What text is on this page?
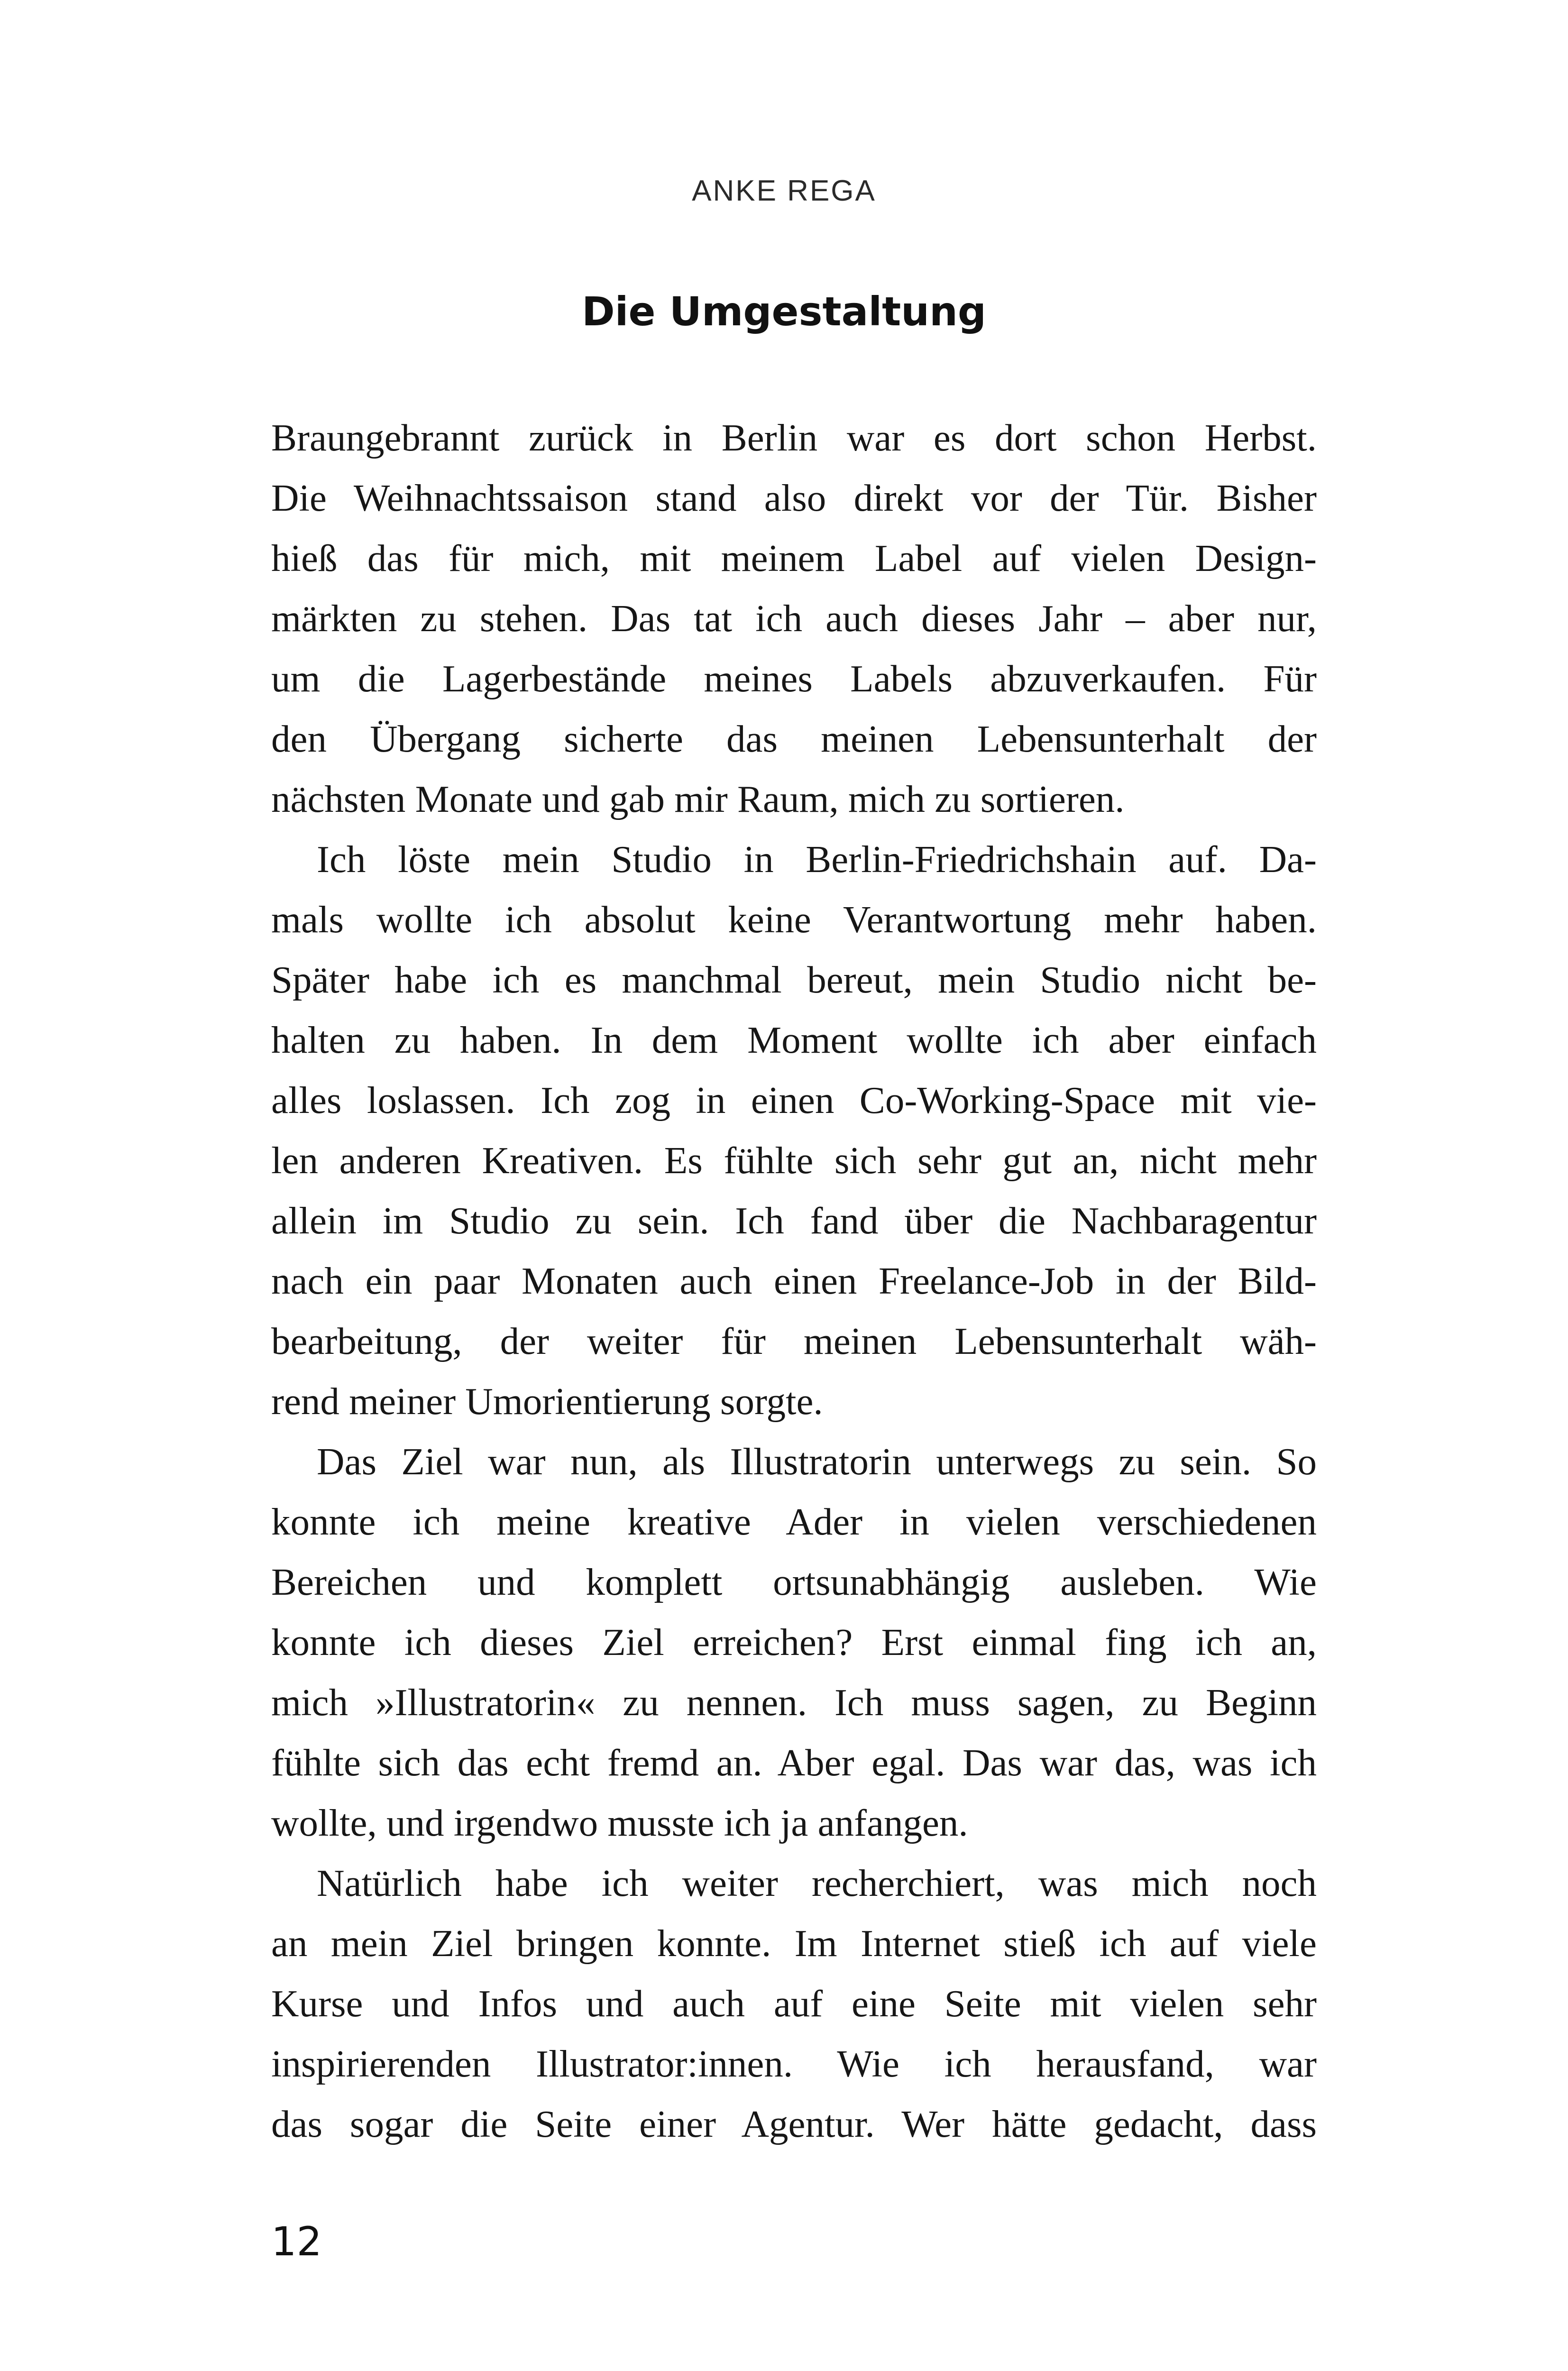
ANKE REGA
Die Umgestaltung
Braungebrannt zurück in Berlin war es dort schon Herbst.
Die Weihnachtssaison stand also direkt vor der Tür. Bisher
hieß das für mich, mit meinem Label auf vielen Design-
märkten zu stehen. Das tat ich auch dieses Jahr – aber nur,
um die Lagerbestände meines Labels abzuverkaufen. Für
den Übergang sicherte das meinen Lebensunterhalt der
nächsten Monate und gab mir Raum, mich zu sortieren.
Ich löste mein Studio in Berlin-Friedrichshain auf. Da-
mals wollte ich absolut keine Verantwortung mehr haben.
Später habe ich es manchmal bereut, mein Studio nicht be-
halten zu haben. In dem Moment wollte ich aber einfach
alles loslassen. Ich zog in einen Co-Working-Space mit vie-
len anderen Kreativen. Es fühlte sich sehr gut an, nicht mehr
allein im Studio zu sein. Ich fand über die Nachbaragentur
nach ein paar Monaten auch einen Freelance-Job in der Bild-
bearbeitung, der weiter für meinen Lebensunterhalt wäh-
rend meiner Umorientierung sorgte.
Das Ziel war nun, als Illustratorin unterwegs zu sein. So
konnte ich meine kreative Ader in vielen verschiedenen
Bereichen und komplett ortsunabhängig ausleben. Wie
konnte ich dieses Ziel erreichen? Erst einmal fing ich an,
mich »Illustratorin« zu nennen. Ich muss sagen, zu Beginn
fühlte sich das echt fremd an. Aber egal. Das war das, was ich
wollte, und irgendwo musste ich ja anfangen.
Natürlich habe ich weiter recherchiert, was mich noch
an mein Ziel bringen konnte. Im Internet stieß ich auf viele
Kurse und Infos und auch auf eine Seite mit vielen sehr
inspirierenden Illustrator:innen. Wie ich herausfand, war
das sogar die Seite einer Agentur. Wer hätte gedacht, dass
12
